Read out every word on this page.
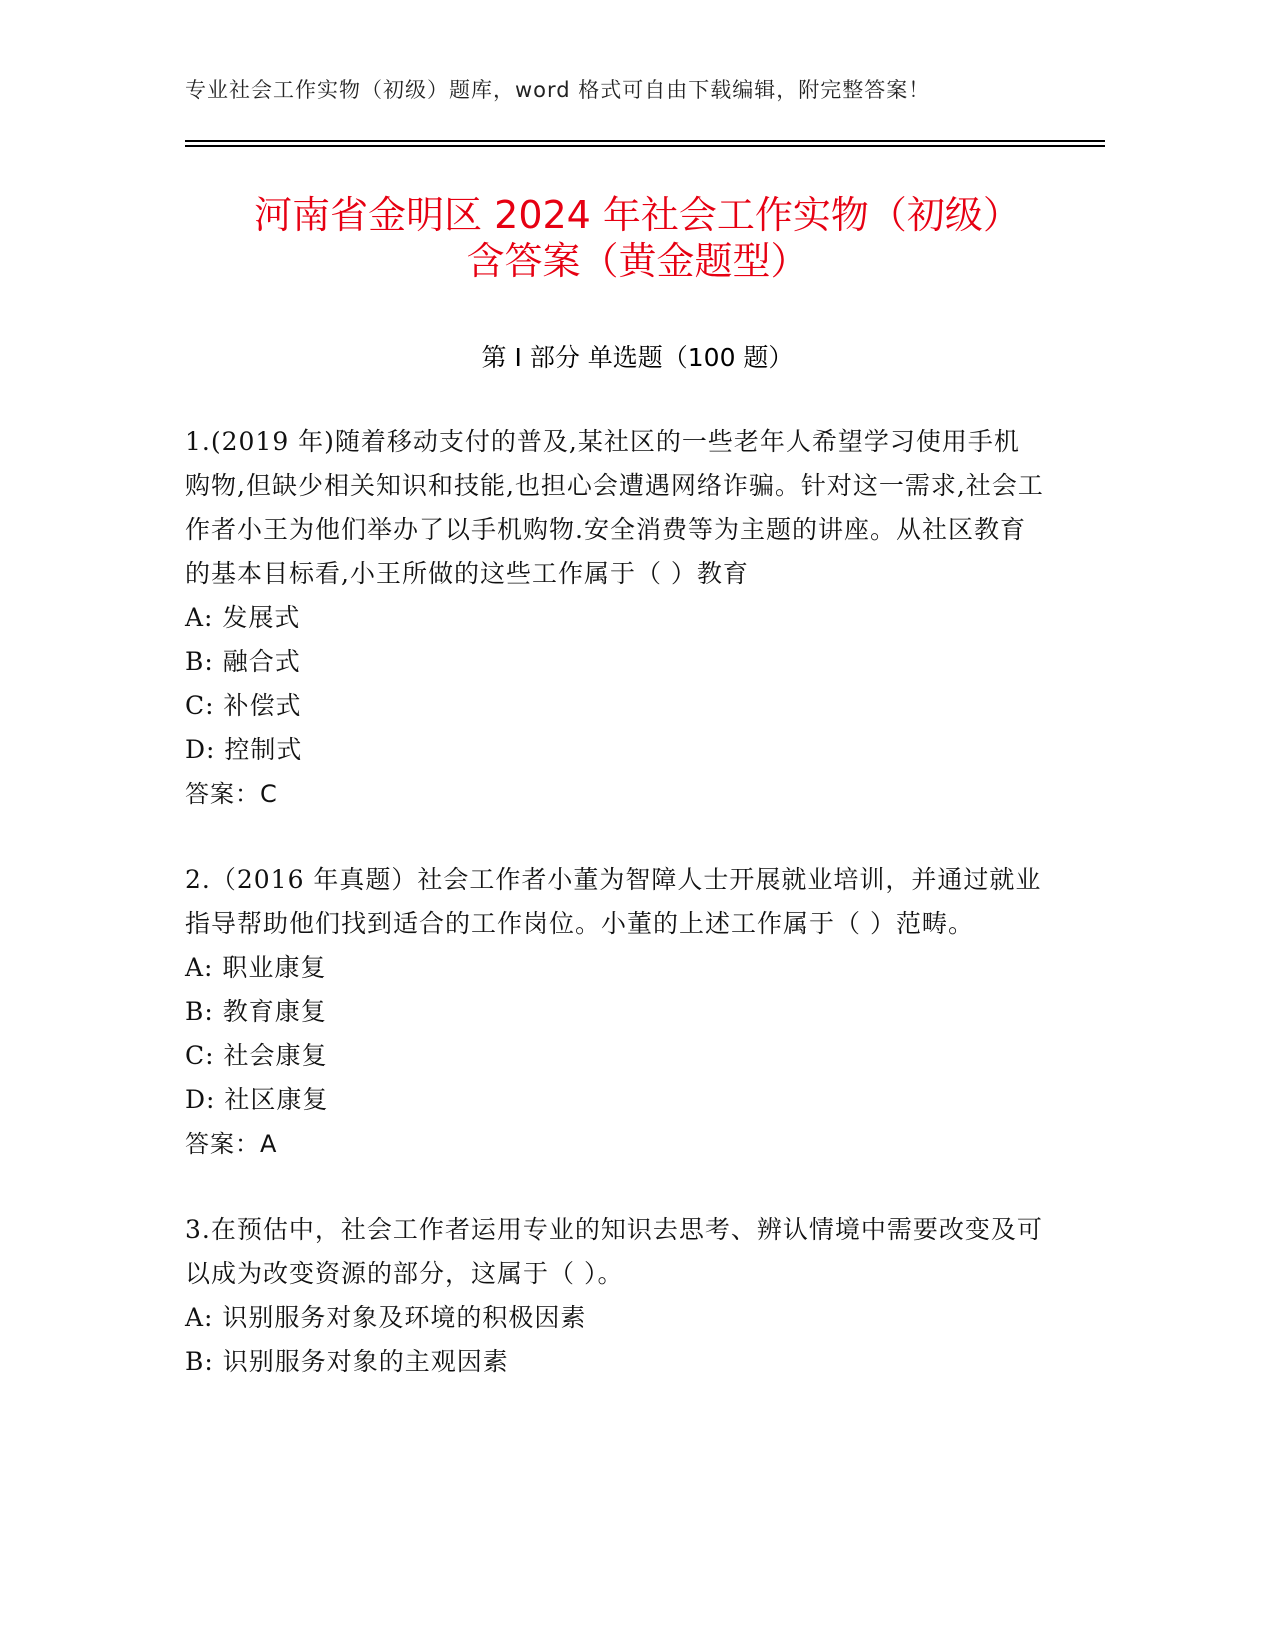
专业社会工作实物（初级）题库，word 格式可自由下载编辑，附完整答案！
河南省金明区 2024 年社会工作实物（初级）
含答案（黄金题型）
第 I 部分 单选题（100 题）

1.(2019 年)随着移动支付的普及,某社区的一些老年人希望学习使用手机购物,但缺少相关知识和技能,也担心会遭遇网络诈骗。针对这一需求,社会工作者小王为他们举办了以手机购物.安全消费等为主题的讲座。从社区教育的基本目标看,小王所做的这些工作属于（ ）教育

A: 发展式

B: 融合式

C: 补偿式

D: 控制式

答案：C

2.（2016 年真题）社会工作者小董为智障人士开展就业培训，并通过就业指导帮助他们找到适合的工作岗位。小董的上述工作属于（ ）范畴。

A: 职业康复

B: 教育康复

C: 社会康复

D: 社区康复

答案：A

3.在预估中，社会工作者运用专业的知识去思考、辨认情境中需要改变及可以成为改变资源的部分，这属于（ ）。

A: 识别服务对象及环境的积极因素

B: 识别服务对象的主观因素
